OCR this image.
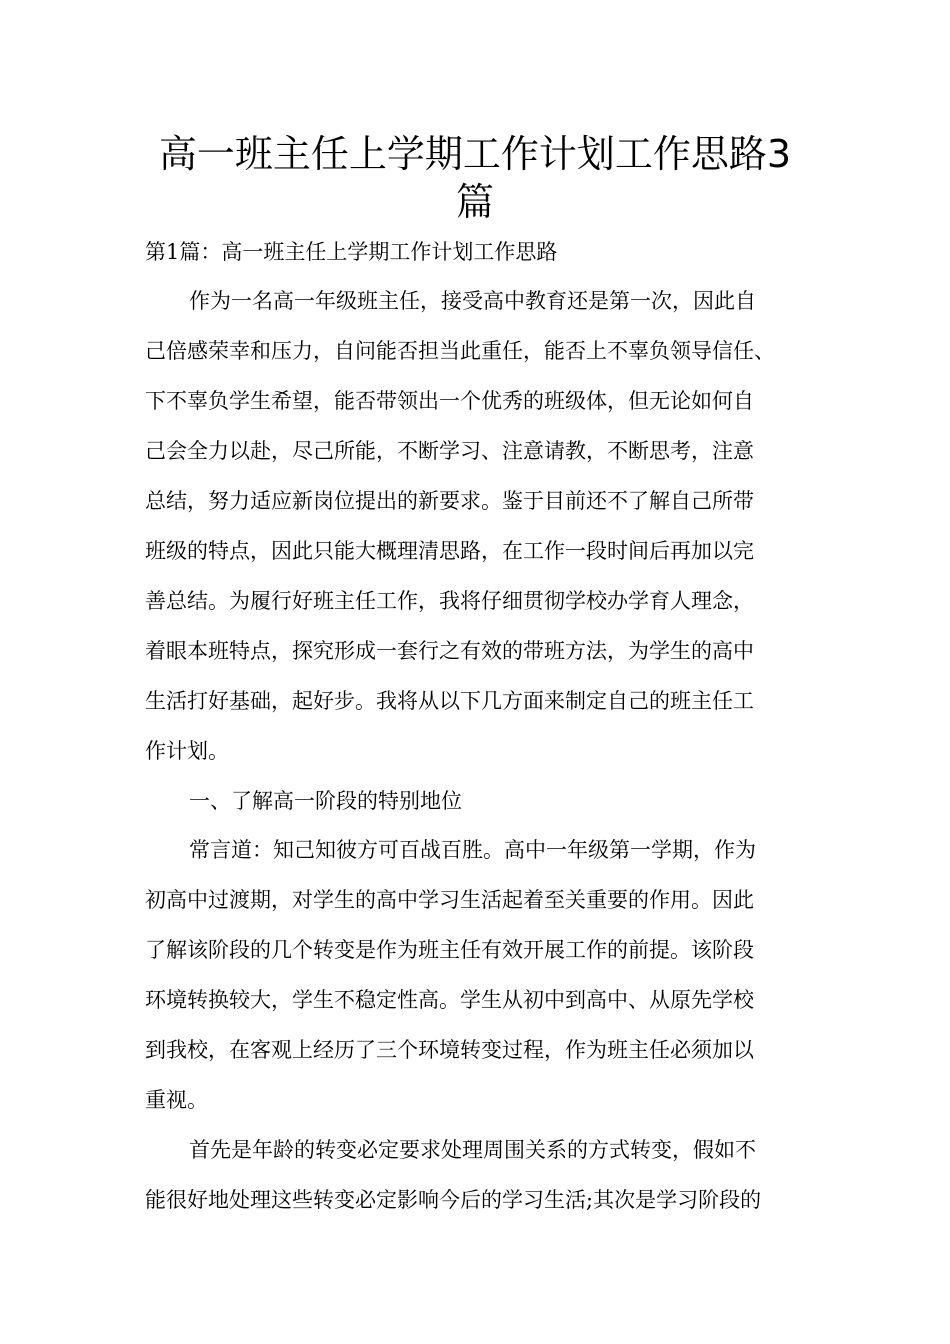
高一班主任上学期工作计划工作思路3
篇
第1篇：高一班主任上学期工作计划工作思路
作为一名高一年级班主任，接受高中教育还是第一次，因此自
己倍感荣幸和压力，自问能否担当此重任，能否上不辜负领导信任、
下不辜负学生希望，能否带领出一个优秀的班级体，但无论如何自
己会全力以赴，尽己所能，不断学习、注意请教，不断思考，注意
总结，努力适应新岗位提出的新要求。鉴于目前还不了解自己所带
班级的特点，因此只能大概理清思路，在工作一段时间后再加以完
善总结。为履行好班主任工作，我将仔细贯彻学校办学育人理念，
着眼本班特点，探究形成一套行之有效的带班方法，为学生的高中
生活打好基础，起好步。我将从以下几方面来制定自己的班主任工
作计划。
一、了解高一阶段的特别地位
常言道：知己知彼方可百战百胜。高中一年级第一学期，作为
初高中过渡期，对学生的高中学习生活起着至关重要的作用。因此
了解该阶段的几个转变是作为班主任有效开展工作的前提。该阶段
环境转换较大，学生不稳定性高。学生从初中到高中、从原先学校
到我校，在客观上经历了三个环境转变过程，作为班主任必须加以
重视。
首先是年龄的转变必定要求处理周围关系的方式转变，假如不
能很好地处理这些转变必定影响今后的学习生活;其次是学习阶段的
